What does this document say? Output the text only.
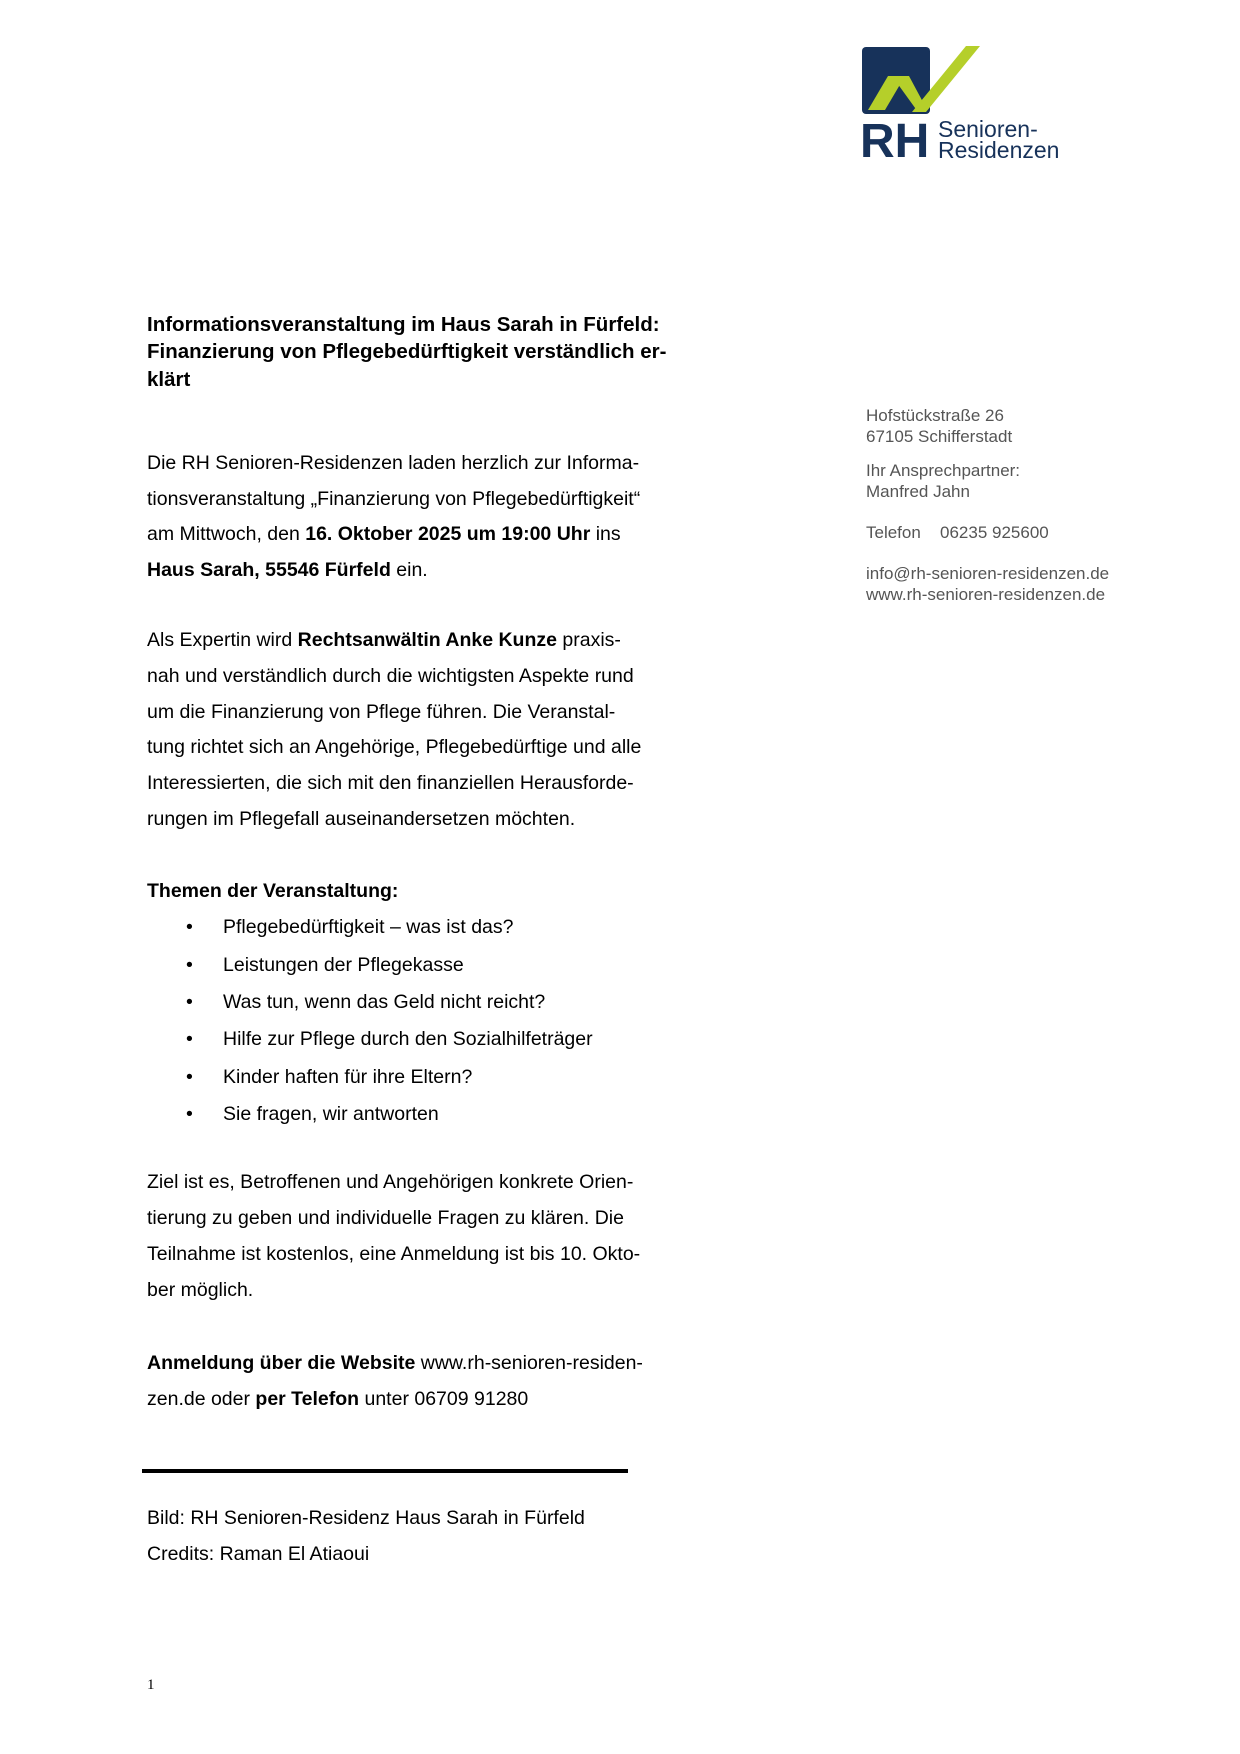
RH Senioren-
Residenzen
Hofstückstraße 26
67105 Schifferstadt
Ihr Ansprechpartner:
Manfred Jahn
Telefon 06235 925600
info@rh-senioren-residenzen.de
www.rh-senioren-residenzen.de
Informationsveranstaltung im Haus Sarah in Fürfeld:
Finanzierung von Pflegebedürftigkeit verständlich er-
klärt
Die RH Senioren-Residenzen laden herzlich zur Informa-
tionsveranstaltung „Finanzierung von Pflegebedürftigkeit“
am Mittwoch, den 16. Oktober 2025 um 19:00 Uhr ins
Haus Sarah, 55546 Fürfeld ein.
Als Expertin wird Rechtsanwältin Anke Kunze praxis-
nah und verständlich durch die wichtigsten Aspekte rund
um die Finanzierung von Pflege führen. Die Veranstal-
tung richtet sich an Angehörige, Pflegebedürftige und alle
Interessierten, die sich mit den finanziellen Herausforde-
rungen im Pflegefall auseinandersetzen möchten.
Themen der Veranstaltung:
• Pflegebedürftigkeit – was ist das?
• Leistungen der Pflegekasse
• Was tun, wenn das Geld nicht reicht?
• Hilfe zur Pflege durch den Sozialhilfeträger
• Kinder haften für ihre Eltern?
• Sie fragen, wir antworten
Ziel ist es, Betroffenen und Angehörigen konkrete Orien-
tierung zu geben und individuelle Fragen zu klären. Die
Teilnahme ist kostenlos, eine Anmeldung ist bis 10. Okto-
ber möglich.
Anmeldung über die Website www.rh-senioren-residen-
zen.de oder per Telefon unter 06709 91280
Bild: RH Senioren-Residenz Haus Sarah in Fürfeld
Credits: Raman El Atiaoui
1
